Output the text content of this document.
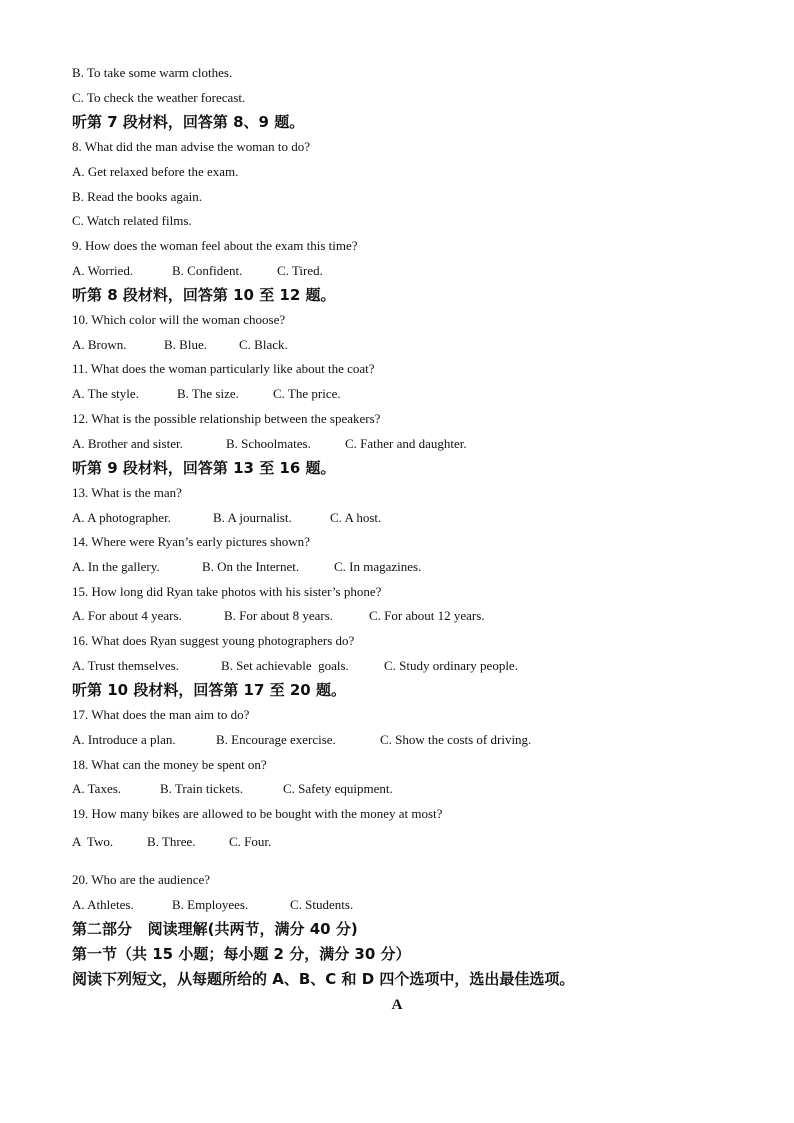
B. To take some warm clothes.
C. To check the weather forecast.
听第 7 段材料，回答第 8、9 题。
8. What did the man advise the woman to do?
A. Get relaxed before the exam.
B. Read the books again.
C. Watch related films.
9. How does the woman feel about the exam this time?
A. Worried.	B. Confident.	C. Tired.
听第 8 段材料，回答第 10 至 12 题。
10. Which color will the woman choose?
A. Brown.	B. Blue. C. Black.
11. What does the woman particularly like about the coat?
A. The style.	B. The size.	C. The price.
12. What is the possible relationship between the speakers?
A. Brother and sister.	B. Schoolmates.	C. Father and daughter.
听第 9 段材料，回答第 13 至 16 题。
13. What is the man?
A. A photographer.	B. A journalist.	C. A host.
14. Where were Ryan’s early pictures shown?
A. In the gallery.	B. On the Internet.	C. In magazines.
15. How long did Ryan take photos with his sister’s phone?
A. For about 4 years.	B. For about 8 years.	C. For about 12 years.
16. What does Ryan suggest young photographers do?
A. Trust themselves.	B. Set achievable  goals.	C. Study ordinary people.
听第 10 段材料，回答第 17 至 20 题。
17. What does the man aim to do?
A. Introduce a plan.	B. Encourage exercise.	C. Show the costs of driving.
18. What can the money be spent on?
A. Taxes.	B. Train tickets.	C. Safety equipment.
19. How many bikes are allowed to be bought with the money at most?
A  Two.	B. Three.	C. Four.
20. Who are the audience?
A. Athletes.	B. Employees.	C. Students.
第二部分   阅读理解(共两节，满分 40 分)
第一节（共 15 小题；每小题 2 分，满分 30 分）
阅读下列短文，从每题所给的 A、B、C 和 D 四个选项中，选出最佳选项。
A
